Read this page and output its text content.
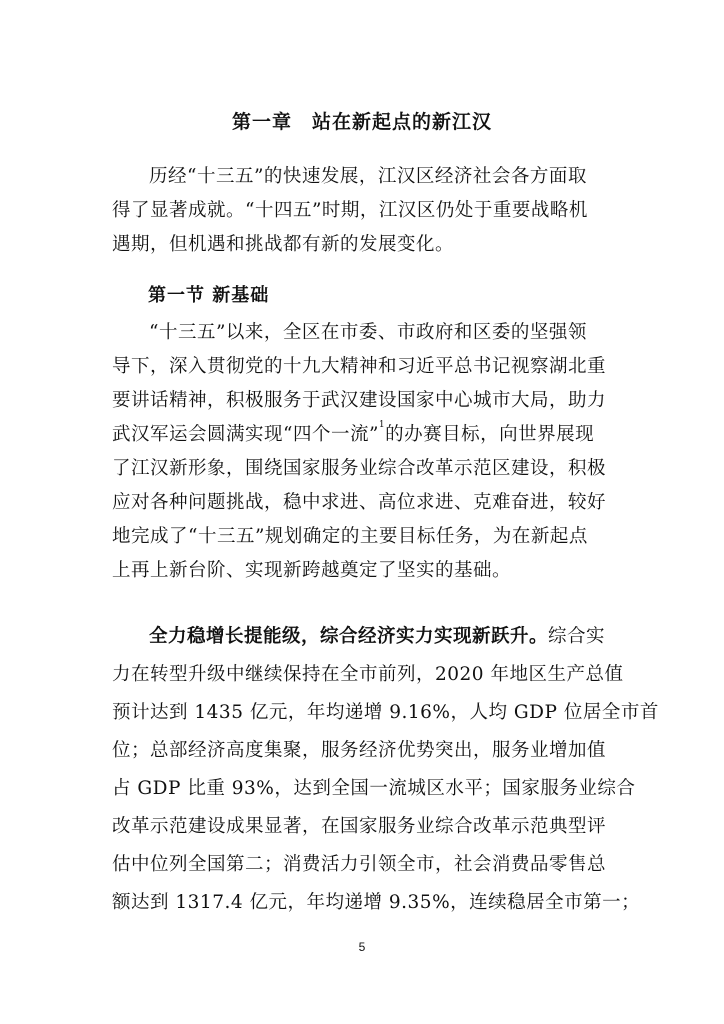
第一章 站在新起点的新江汉
历经“十三五”的快速发展，江汉区经济社会各方面取
得了显著成就。“十四五”时期，江汉区仍处于重要战略机
遇期，但机遇和挑战都有新的发展变化。
第一节 新基础
“十三五”以来，全区在市委、市政府和区委的坚强领
导下，深入贯彻党的十九大精神和习近平总书记视察湖北重
要讲话精神，积极服务于武汉建设国家中心城市大局，助力
武汉军运会圆满实现“四个一流”$^1$的办赛目标，向世界展现
了江汉新形象，围绕国家服务业综合改革示范区建设，积极
应对各种问题挑战，稳中求进、高位求进、克难奋进，较好
地完成了“十三五”规划确定的主要目标任务，为在新起点
上再上新台阶、实现新跨越奠定了坚实的基础。
全力稳增长提能级，综合经济实力实现新跃升。综合实
力在转型升级中继续保持在全市前列，2020 年地区生产总值
预计达到 1435 亿元，年均递增 9.16%，人均 GDP 位居全市首
位；总部经济高度集聚，服务经济优势突出，服务业增加值
占 GDP 比重 93%，达到全国一流城区水平；国家服务业综合
改革示范建设成果显著，在国家服务业综合改革示范典型评
估中位列全国第二；消费活力引领全市，社会消费品零售总
额达到 1317.4 亿元，年均递增 9.35%，连续稳居全市第一；
5
